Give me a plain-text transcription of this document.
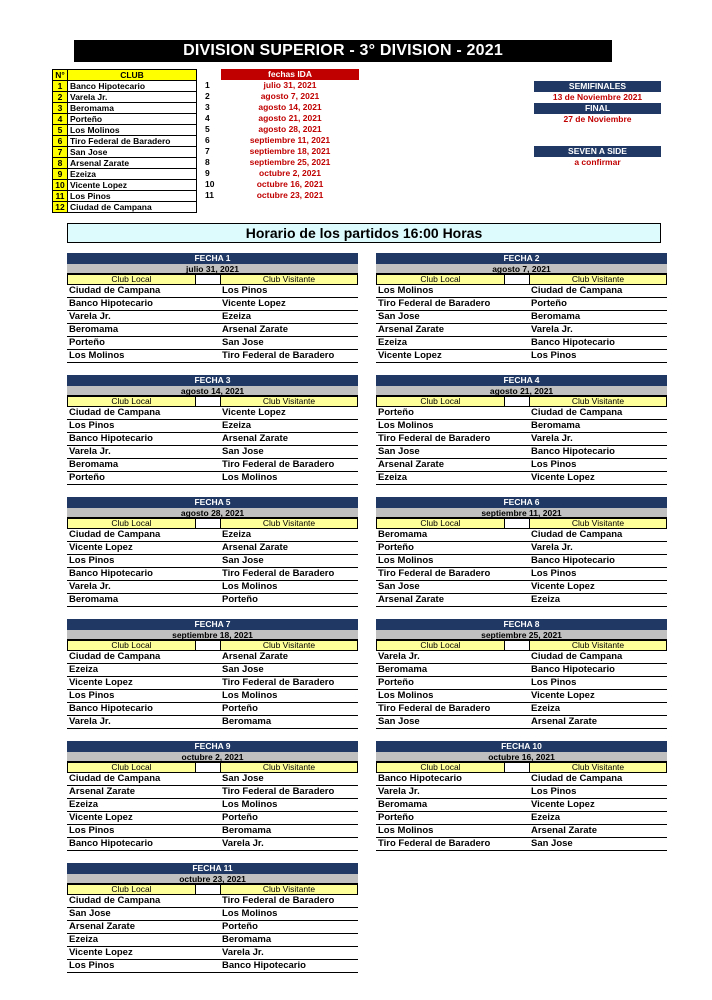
DIVISION SUPERIOR - 3° DIVISION - 2021
N°	CLUB
1	Banco Hipotecario
2	Varela Jr.
3	Beromama
4	Porteño
5	Los Molinos
6	Tiro Federal de Baradero
7	San Jose
8	Arsenal Zarate
9	Ezeiza
10	Vicente Lopez
11	Los Pinos
12	Ciudad de Campana
fechas IDA
1	julio 31, 2021
2	agosto 7, 2021
3	agosto 14, 2021
4	agosto 21, 2021
5	agosto 28, 2021
6	septiembre 11, 2021
7	septiembre 18, 2021
8	septiembre 25, 2021
9	octubre 2, 2021
10	octubre 16, 2021
11	octubre 23, 2021
SEMIFINALES
13 de Noviembre 2021
FINAL
27 de Noviembre
SEVEN A SIDE
a confirmar
Horario de los partidos 16:00 Horas
FECHA 1
julio 31, 2021
Club Local	Club Visitante
Ciudad de Campana	Los Pinos
Banco Hipotecario	Vicente Lopez
Varela Jr.	Ezeiza
Beromama	Arsenal Zarate
Porteño	San Jose
Los Molinos	Tiro Federal de Baradero
FECHA 2
agosto 7, 2021
Club Local	Club Visitante
Los Molinos	Ciudad de Campana
Tiro Federal de Baradero	Porteño
San Jose	Beromama
Arsenal Zarate	Varela Jr.
Ezeiza	Banco Hipotecario
Vicente Lopez	Los Pinos
FECHA 3
agosto 14, 2021
Club Local	Club Visitante
Ciudad de Campana	Vicente Lopez
Los Pinos	Ezeiza
Banco Hipotecario	Arsenal Zarate
Varela Jr.	San Jose
Beromama	Tiro Federal de Baradero
Porteño	Los Molinos
FECHA 4
agosto 21, 2021
Club Local	Club Visitante
Porteño	Ciudad de Campana
Los Molinos	Beromama
Tiro Federal de Baradero	Varela Jr.
San Jose	Banco Hipotecario
Arsenal Zarate	Los Pinos
Ezeiza	Vicente Lopez
FECHA 5
agosto 28, 2021
Club Local	Club Visitante
Ciudad de Campana	Ezeiza
Vicente Lopez	Arsenal Zarate
Los Pinos	San Jose
Banco Hipotecario	Tiro Federal de Baradero
Varela Jr.	Los Molinos
Beromama	Porteño
FECHA 6
septiembre 11, 2021
Club Local	Club Visitante
Beromama	Ciudad de Campana
Porteño	Varela Jr.
Los Molinos	Banco Hipotecario
Tiro Federal de Baradero	Los Pinos
San Jose	Vicente Lopez
Arsenal Zarate	Ezeiza
FECHA 7
septiembre 18, 2021
Club Local	Club Visitante
Ciudad de Campana	Arsenal Zarate
Ezeiza	San Jose
Vicente Lopez	Tiro Federal de Baradero
Los Pinos	Los Molinos
Banco Hipotecario	Porteño
Varela Jr.	Beromama
FECHA 8
septiembre 25, 2021
Club Local	Club Visitante
Varela Jr.	Ciudad de Campana
Beromama	Banco Hipotecario
Porteño	Los Pinos
Los Molinos	Vicente Lopez
Tiro Federal de Baradero	Ezeiza
San Jose	Arsenal Zarate
FECHA 9
octubre 2, 2021
Club Local	Club Visitante
Ciudad de Campana	San Jose
Arsenal Zarate	Tiro Federal de Baradero
Ezeiza	Los Molinos
Vicente Lopez	Porteño
Los Pinos	Beromama
Banco Hipotecario	Varela Jr.
FECHA 10
octubre 16, 2021
Club Local	Club Visitante
Banco Hipotecario	Ciudad de Campana
Varela Jr.	Los Pinos
Beromama	Vicente Lopez
Porteño	Ezeiza
Los Molinos	Arsenal Zarate
Tiro Federal de Baradero	San Jose
FECHA 11
octubre 23, 2021
Club Local	Club Visitante
Ciudad de Campana	Tiro Federal de Baradero
San Jose	Los Molinos
Arsenal Zarate	Porteño
Ezeiza	Beromama
Vicente Lopez	Varela Jr.
Los Pinos	Banco Hipotecario
